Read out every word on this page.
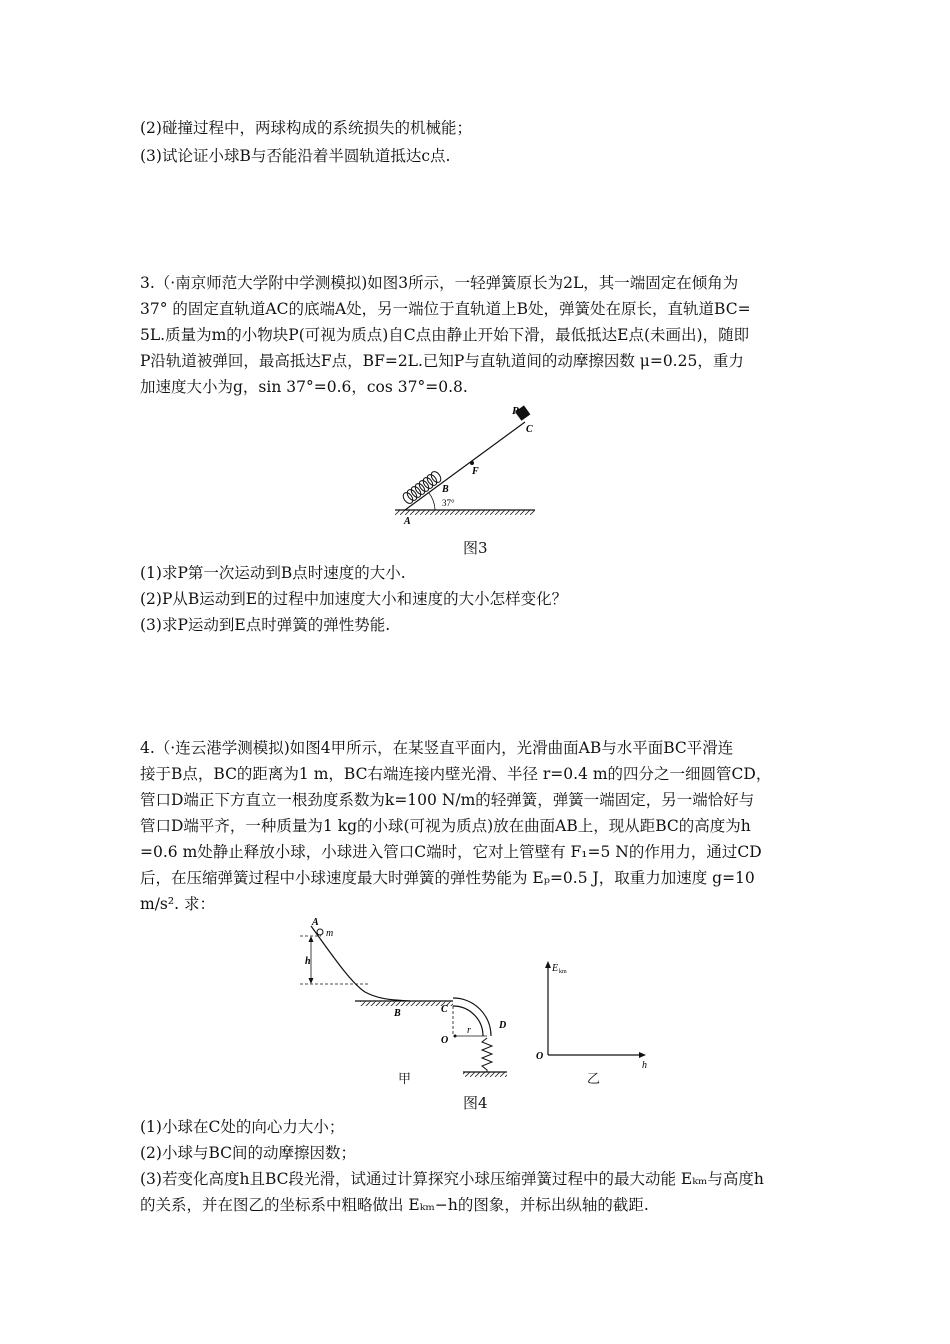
(2)碰撞过程中，两球构成的系统损失的机械能；
(3)试论证小球B与否能沿着半圆轨道抵达c点.
3.（·南京师范大学附中学测模拟)如图3所示，一轻弹簧原长为2L，其一端固定在倾角为
37° 的固定直轨道AC的底端A处，另一端位于直轨道上B处，弹簧处在原长，直轨道BC=
5L.质量为m的小物块P(可视为质点)自C点由静止开始下滑，最低抵达E点(未画出)，随即
P沿轨道被弹回，最高抵达F点，BF=2L.已知P与直轨道间的动摩擦因数 μ=0.25，重力
加速度大小为g，sin 37°=0.6，cos 37°=0.8.
P
C
F
B
37°
A
图3
(1)求P第一次运动到B点时速度的大小.
(2)P从B运动到E的过程中加速度大小和速度的大小怎样变化？
(3)求P运动到E点时弹簧的弹性势能.
4.（·连云港学测模拟)如图4甲所示，在某竖直平面内，光滑曲面AB与水平面BC平滑连
接于B点，BC的距离为1 m，BC右端连接内壁光滑、半径 r=0.4 m的四分之一细圆管CD，
管口D端正下方直立一根劲度系数为k=100 N/m的轻弹簧，弹簧一端固定，另一端恰好与
管口D端平齐，一种质量为1 kg的小球(可视为质点)放在曲面AB上，现从距BC的高度为h
=0.6 m处静止释放小球，小球进入管口C端时，它对上管壁有 F₁=5 N的作用力，通过CD
后，在压缩弹簧过程中小球速度最大时弹簧的弹性势能为 Eₚ=0.5 J，取重力加速度 g=10
m/s². 求：
A
m
h
B	C
O
r	D
E km
h
O
甲	乙
图4
(1)小球在C处的向心力大小；
(2)小球与BC间的动摩擦因数；
(3)若变化高度h且BC段光滑，试通过计算探究小球压缩弹簧过程中的最大动能 Eₖₘ与高度h
的关系，并在图乙的坐标系中粗略做出 Eₖₘ−h的图象，并标出纵轴的截距.
